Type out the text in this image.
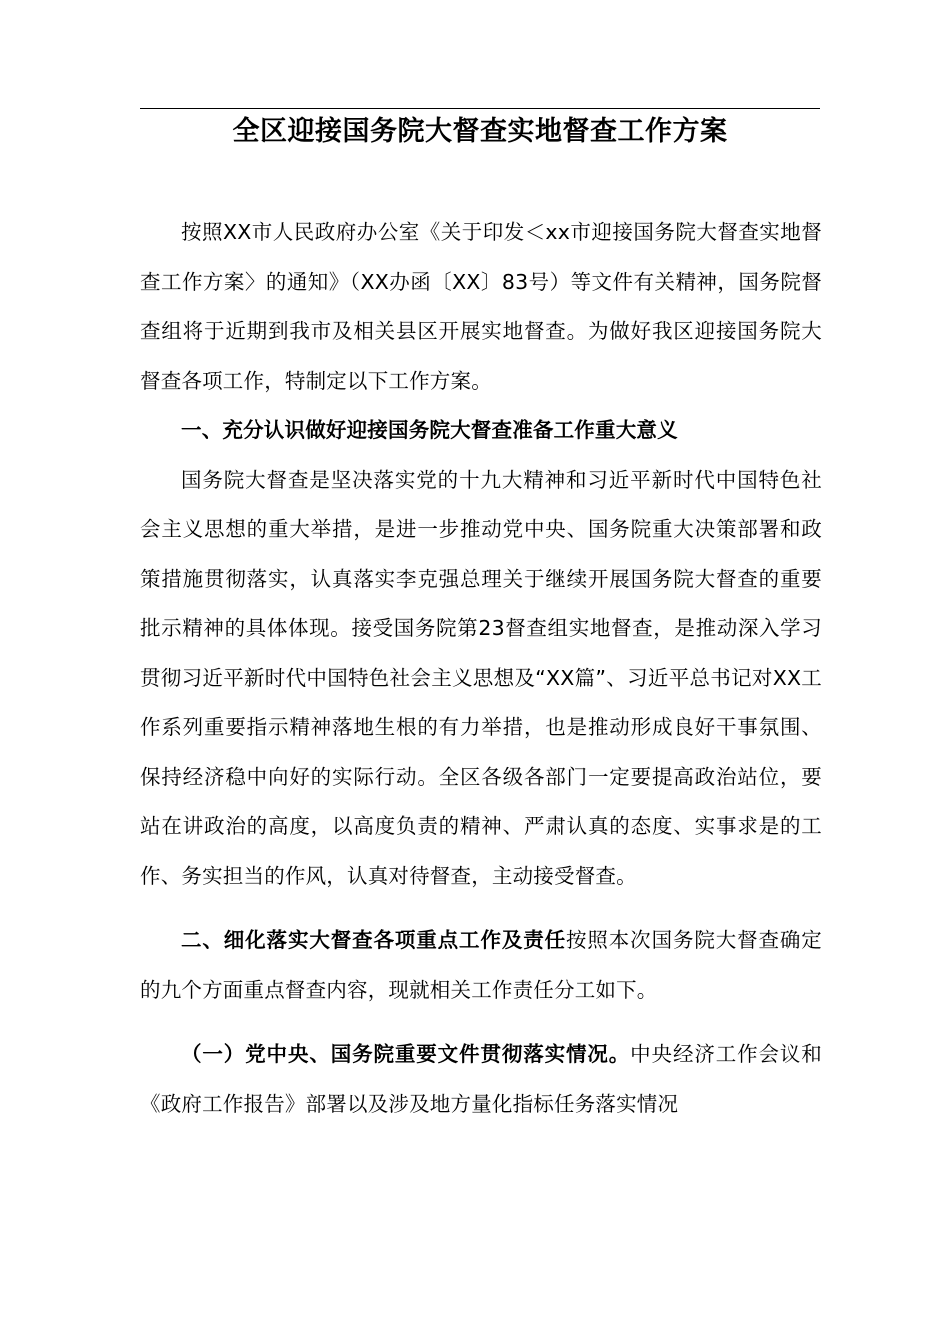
全区迎接国务院大督查实地督查工作方案

按照XX市人民政府办公室《关于印发＜xx市迎接国务院大督查实地督查工作方案〉的通知》（XX办函〔XX〕83号）等文件有关精神，国务院督查组将于近期到我市及相关县区开展实地督查。为做好我区迎接国务院大督查各项工作，特制定以下工作方案。

一、充分认识做好迎接国务院大督查准备工作重大意义

国务院大督查是坚决落实党的十九大精神和习近平新时代中国特色社会主义思想的重大举措，是进一步推动党中央、国务院重大决策部署和政策措施贯彻落实，认真落实李克强总理关于继续开展国务院大督查的重要批示精神的具体体现。接受国务院第23督查组实地督查，是推动深入学习贯彻习近平新时代中国特色社会主义思想及“XX篇”、习近平总书记对XX工作系列重要指示精神落地生根的有力举措，也是推动形成良好干事氛围、保持经济稳中向好的实际行动。全区各级各部门一定要提高政治站位，要站在讲政治的高度，以高度负责的精神、严肃认真的态度、实事求是的工作、务实担当的作风，认真对待督查，主动接受督查。

二、细化落实大督查各项重点工作及责任按照本次国务院大督查确定的九个方面重点督查内容，现就相关工作责任分工如下。

（一）党中央、国务院重要文件贯彻落实情况。中央经济工作会议和《政府工作报告》部署以及涉及地方量化指标任务落实情况
